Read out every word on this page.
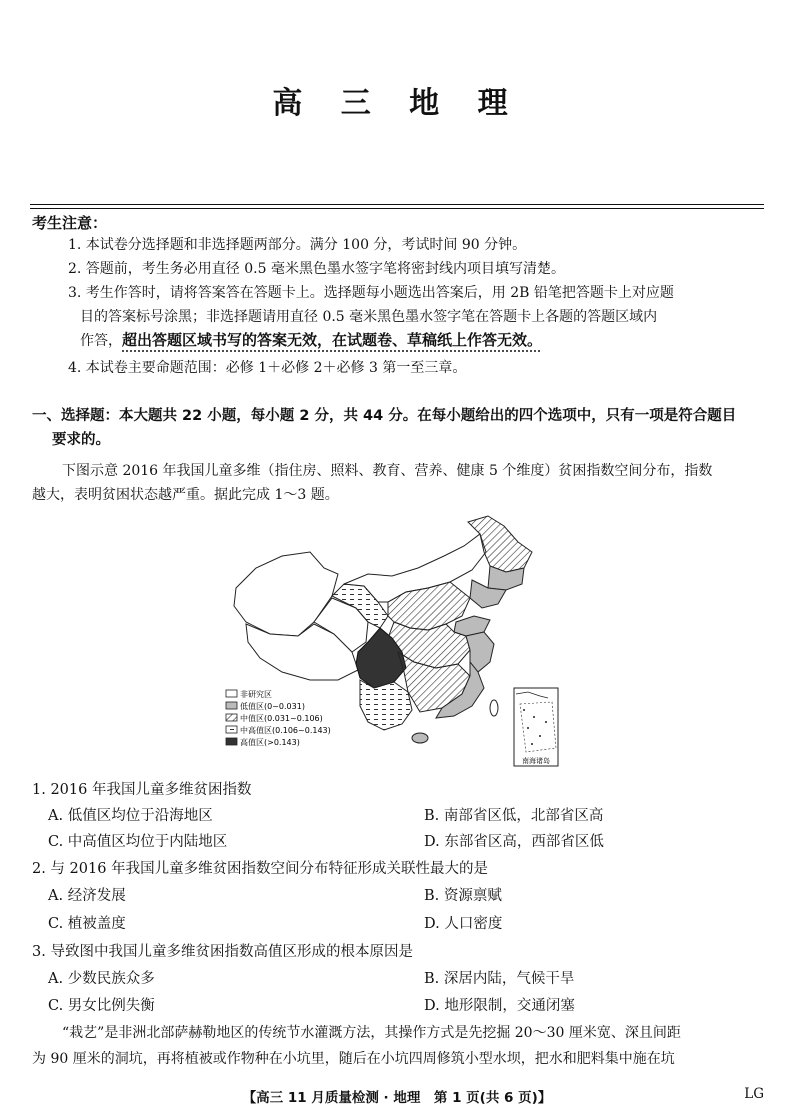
高 三 地 理
考生注意：
1. 本试卷分选择题和非选择题两部分。满分 100 分，考试时间 90 分钟。
2. 答题前，考生务必用直径 0.5 毫米黑色墨水签字笔将密封线内项目填写清楚。
3. 考生作答时，请将答案答在答题卡上。选择题每小题选出答案后，用 2B 铅笔把答题卡上对应题
目的答案标号涂黑；非选择题请用直径 0.5 毫米黑色墨水签字笔在答题卡上各题的答题区域内
作答，超出答题区域书写的答案无效，在试题卷、草稿纸上作答无效。
4. 本试卷主要命题范围：必修 1＋必修 2＋必修 3 第一至三章。
一、选择题：本大题共 22 小题，每小题 2 分，共 44 分。在每小题给出的四个选项中，只有一项是符合题目
要求的。
下图示意 2016 年我国儿童多维（指住房、照料、教育、营养、健康 5 个维度）贫困指数空间分布，指数
越大，表明贫困状态越严重。据此完成 1～3 题。
南海诸岛
非研究区
低值区(0~0.031)
中值区(0.031~0.106)
中高值区(0.106~0.143)
高值区(>0.143)
1. 2016 年我国儿童多维贫困指数
A. 低值区均位于沿海地区	B. 南部省区低，北部省区高
C. 中高值区均位于内陆地区	D. 东部省区高，西部省区低
2. 与 2016 年我国儿童多维贫困指数空间分布特征形成关联性最大的是
A. 经济发展	B. 资源禀赋
C. 植被盖度	D. 人口密度
3. 导致图中我国儿童多维贫困指数高值区形成的根本原因是
A. 少数民族众多	B. 深居内陆，气候干旱
C. 男女比例失衡	D. 地形限制，交通闭塞
“栽艺”是非洲北部萨赫勒地区的传统节水灌溉方法，其操作方式是先挖掘 20～30 厘米宽、深且间距
为 90 厘米的洞坑，再将植被或作物种在小坑里，随后在小坑四周修筑小型水坝，把水和肥料集中施在坑
【高三 11 月质量检测 · 地理　第 1 页(共 6 页)】	LG
